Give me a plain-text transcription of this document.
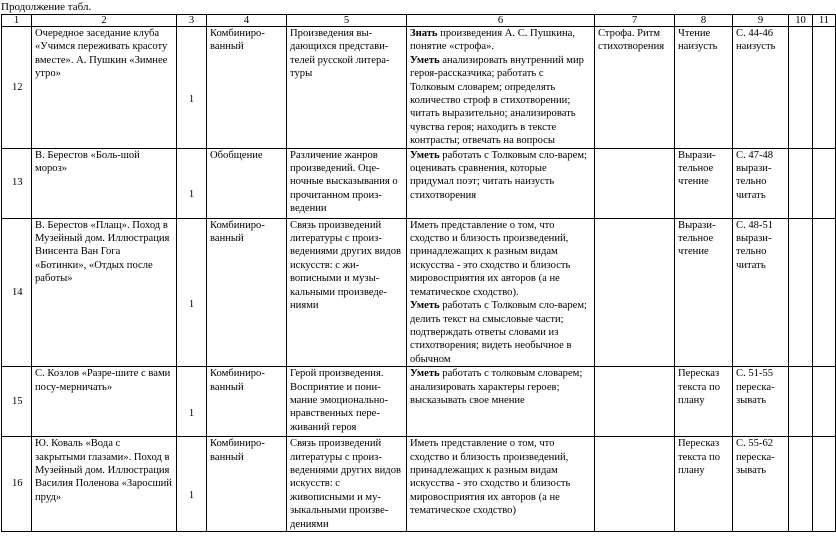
Продолжение табл.
1	2	3	4	5	6	7	8	9	10	11
12	Очередное заседание клуба «Учимся переживать красоту вместе». А. Пушкин «Зимнее утро»	1	Комбиниро-ванный	Произведения вы-дающихся представи-телей русской литера-туры	Знать произведения А. С. Пушкина, понятие «строфа».
Уметь анализировать внутренний мир героя-рассказчика; работать с Толковым словарем; определять количество строф в стихотворении; читать выразительно; анализировать чувства героя; находить в тексте контрасты; отвечать на вопросы	Строфа. Ритм стихотворения	Чтение наизусть	С. 44-46 наизусть		
13	В. Берестов «Боль-шой мороз»	1	Обобщение	Различение жанров произведений. Оце-ночные высказывания о прочитанном произ-ведении	Уметь работать с Толковым сло-варем; оценивать сравнения, которые придумал поэт; читать наизусть стихотворения		Вырази-тельное чтение	С. 47-48 вырази-тельно читать		
14	В. Берестов «Плащ». Поход в Музейный дом. Иллюстрация Винсента Ван Гога «Ботинки», «Отдых после работы»	1	Комбиниро-ванный	Связь произведений литературы с произ-ведениями других видов искусств: с жи-вописными и музы-кальными произведе-ниями	Иметь представление о том, что сходство и близость произведений, принадлежащих к разным видам искусства - это сходство и близость мировосприятия их авторов (а не тематическое сходство).
Уметь работать с Толковым сло-варем; делить текст на смысловые части; подтверждать ответы словами из стихотворения; видеть необычное в обычном		Вырази-тельное чтение	С. 48-51 вырази-тельно читать		
15	С. Козлов «Разре-шите с вами посу-мерничать»	1	Комбиниро-ванный	Герой произведения. Восприятие и пони-мание эмоционально-нравственных пере-живаний героя	Уметь работать с толковым словарем; анализировать характеры героев; высказывать свое мнение		Пересказ текста по плану	С. 51-55 переска-зывать		
16	Ю. Коваль «Вода с закрытыми глазами». Поход в Музейный дом. Иллюстрация Василия Поленова «Заросший пруд»	1	Комбиниро-ванный	Связь произведений литературы с произ-ведениями других видов искусств: с живописными и му-зыкальными произве-дениями	Иметь представление о том, что сходство и близость произведений, принадлежащих к разным видам искусства - это сходство и близость мировосприятия их авторов (а не тематическое сходство)		Пересказ текста по плану	С. 55-62 переска-зывать		
